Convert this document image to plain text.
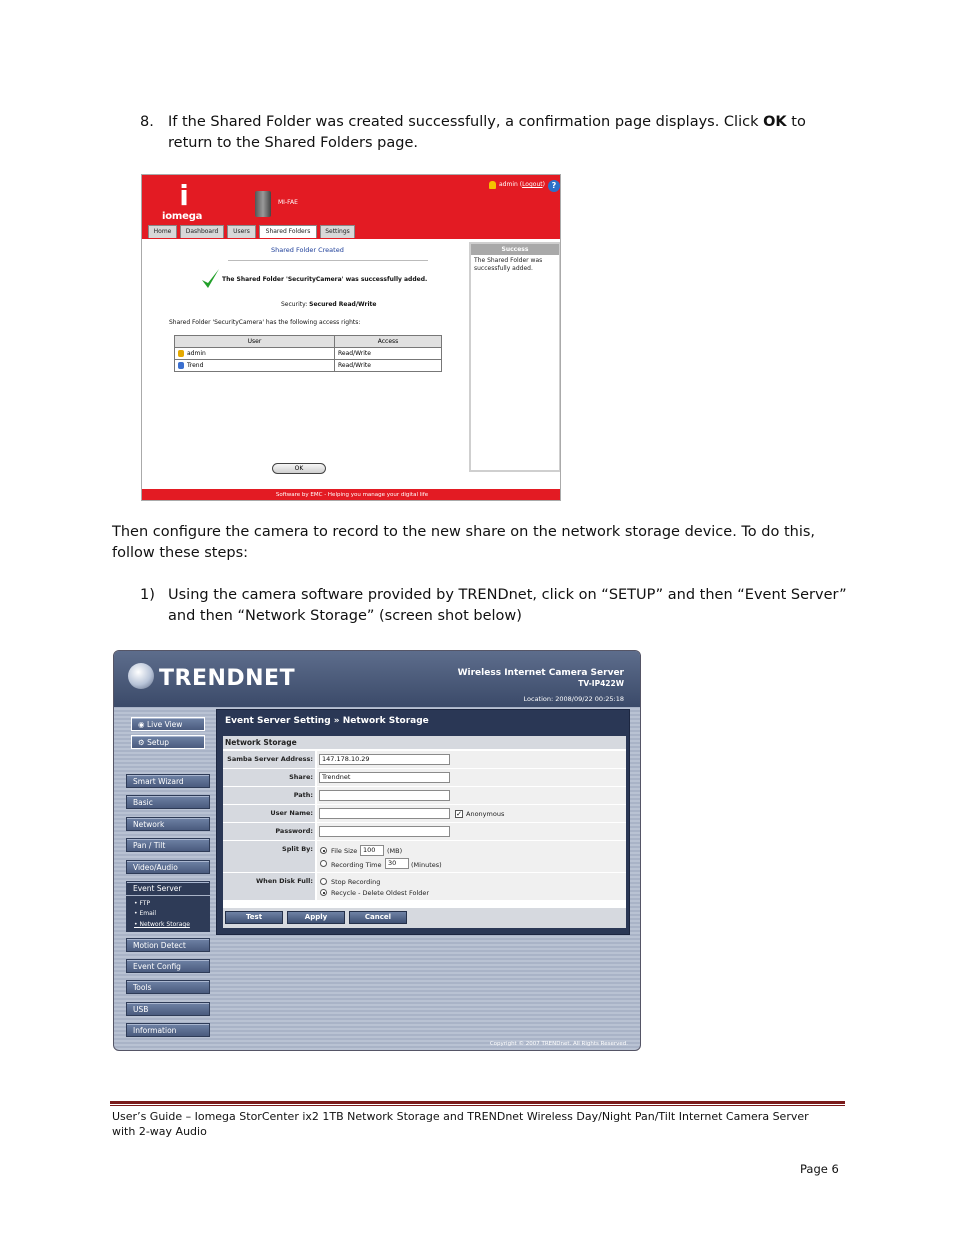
8. If the Shared Folder was created successfully, a confirmation page displays. Click OK to return to the Shared Folders page.
i
iomega
MI-FAE
admin (Logout) ?
Home	Dashboard	Users	Shared Folders	Settings
Shared Folder Created
The Shared Folder 'SecurityCamera' was successfully added.
Security: Secured Read/Write
Shared Folder 'SecurityCamera' has the following access rights:
User	Access
admin	Read/Write
Trend	Read/Write
Success
The Shared Folder was successfully added.
OK
Software by EMC - Helping you manage your digital life
Then configure the camera to record to the new share on the network storage device. To do this, follow these steps:
1) Using the camera software provided by TRENDnet, click on “SETUP” and then “Event Server” and then “Network Storage” (screen shot below)
TRENDNET	Wireless Internet Camera Server
TV-IP422W
Location: 2008/09/22 00:25:18
◉ Live View
⚙ Setup
Smart Wizard
Basic
Network
Pan / Tilt
Video/Audio
Event Server
• FTP
• Email
• Network Storage
Motion Detect
Event Config
Tools
USB
Information
Event Server Setting » Network Storage
Network Storage
Samba Server Address:	147.178.10.29
Share:	Trendnet
Path:
User Name:	✓ Anonymous
Password:
Split By:	File Size 100	(MB)
Recording Time	30	(Minutes)
When Disk Full:	Stop Recording
Recycle - Delete Oldest Folder
Test	Apply	Cancel
Copyright © 2007 TRENDnet. All Rights Reserved.
User’s Guide – Iomega StorCenter ix2 1TB Network Storage and TRENDnet Wireless Day/Night Pan/Tilt Internet Camera Server with 2-way Audio
Page 6
